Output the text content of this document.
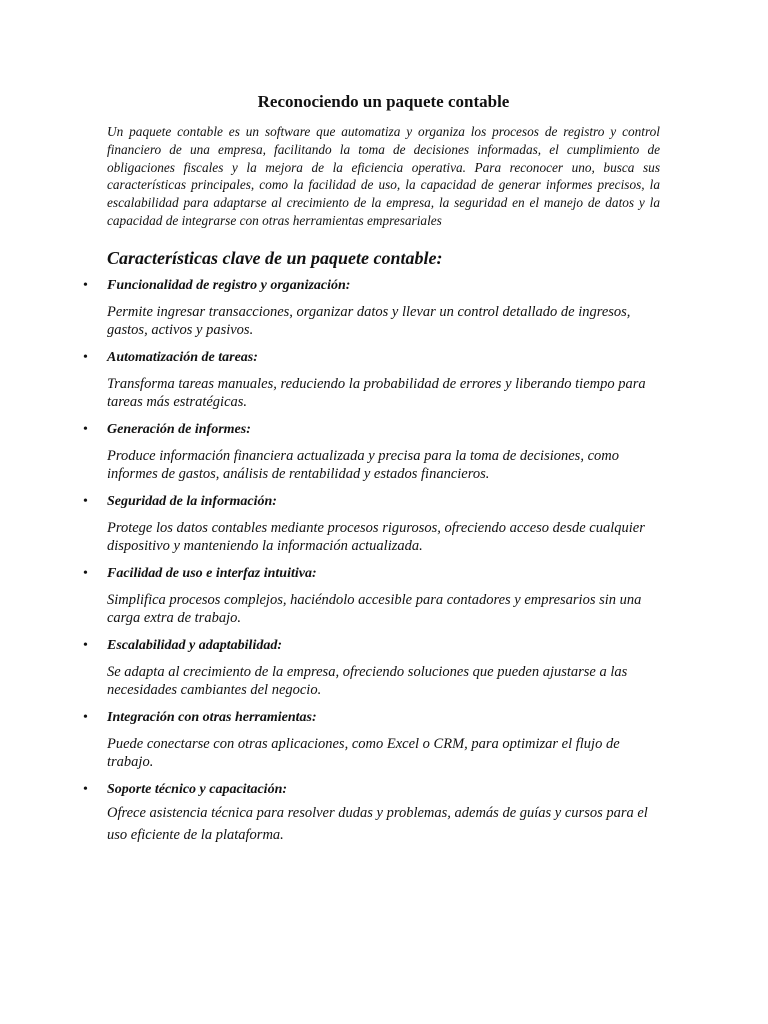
Reconociendo un paquete contable

Un paquete contable es un software que automatiza y organiza los procesos de registro y control financiero de una empresa, facilitando la toma de decisiones informadas, el cumplimiento de obligaciones fiscales y la mejora de la eficiencia operativa. Para reconocer uno, busca sus características principales, como la facilidad de uso, la capacidad de generar informes precisos, la escalabilidad para adaptarse al crecimiento de la empresa, la seguridad en el manejo de datos y la capacidad de integrarse con otras herramientas empresariales

Características clave de un paquete contable:
• Funcionalidad de registro y organización:

Permite ingresar transacciones, organizar datos y llevar un control detallado de ingresos, gastos, activos y pasivos.

• Automatización de tareas:

Transforma tareas manuales, reduciendo la probabilidad de errores y liberando tiempo para tareas más estratégicas.

• Generación de informes:

Produce información financiera actualizada y precisa para la toma de decisiones, como informes de gastos, análisis de rentabilidad y estados financieros.

• Seguridad de la información:

Protege los datos contables mediante procesos rigurosos, ofreciendo acceso desde cualquier dispositivo y manteniendo la información actualizada.

• Facilidad de uso e interfaz intuitiva:

Simplifica procesos complejos, haciéndolo accesible para contadores y empresarios sin una carga extra de trabajo.

• Escalabilidad y adaptabilidad:

Se adapta al crecimiento de la empresa, ofreciendo soluciones que pueden ajustarse a las necesidades cambiantes del negocio.

• Integración con otras herramientas:

Puede conectarse con otras aplicaciones, como Excel o CRM, para optimizar el flujo de trabajo.

• Soporte técnico y capacitación:

Ofrece asistencia técnica para resolver dudas y problemas, además de guías y cursos para el uso eficiente de la plataforma.
